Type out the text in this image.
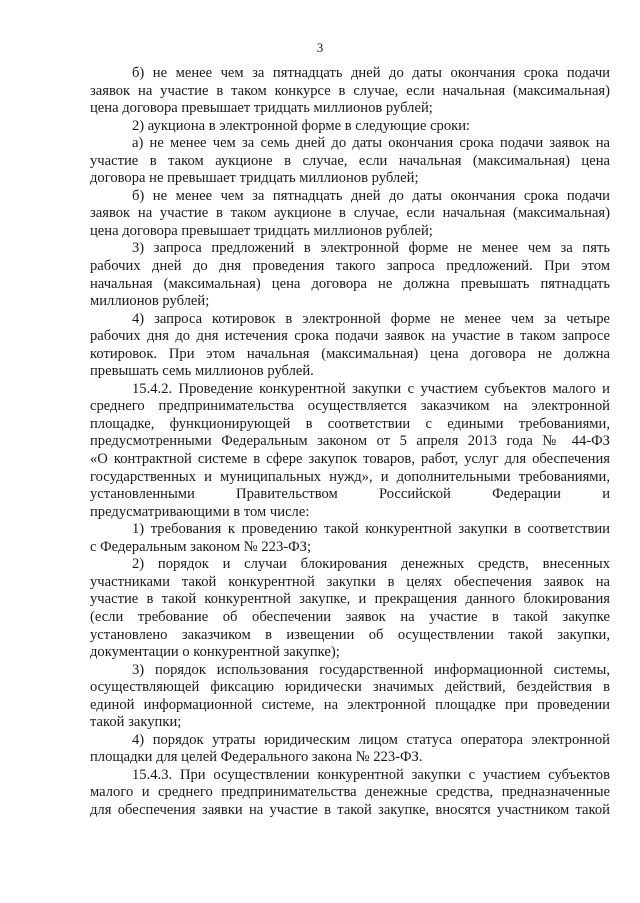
3
б) не менее чем за пятнадцать дней до даты окончания срока подачи
заявок на участие в таком конкурсе в случае, если начальная (максимальная)
цена договора превышает тридцать миллионов рублей;
2) аукциона в электронной форме в следующие сроки:
а) не менее чем за семь дней до даты окончания срока подачи заявок на
участие в таком аукционе в случае, если начальная (максимальная) цена
договора не превышает тридцать миллионов рублей;
б) не менее чем за пятнадцать дней до даты окончания срока подачи
заявок на участие в таком аукционе в случае, если начальная (максимальная)
цена договора превышает тридцать миллионов рублей;
3) запроса предложений в электронной форме не менее чем за пять
рабочих дней до дня проведения такого запроса предложений. При этом
начальная (максимальная) цена договора не должна превышать пятнадцать
миллионов рублей;
4) запроса котировок в электронной форме не менее чем за четыре
рабочих дня до дня истечения срока подачи заявок на участие в таком запросе
котировок. При этом начальная (максимальная) цена договора не должна
превышать семь миллионов рублей.
15.4.2. Проведение конкурентной закупки с участием субъектов малого и
среднего предпринимательства осуществляется заказчиком на электронной
площадке, функционирующей в соответствии с едиными требованиями,
предусмотренными Федеральным законом от 5 апреля 2013 года № 44-ФЗ
«О контрактной системе в сфере закупок товаров, работ, услуг для обеспечения
государственных и муниципальных нужд», и дополнительными требованиями,
установленными Правительством Российской Федерации и
предусматривающими в том числе:
1) требования к проведению такой конкурентной закупки в соответствии
с Федеральным законом № 223-ФЗ;
2) порядок и случаи блокирования денежных средств, внесенных
участниками такой конкурентной закупки в целях обеспечения заявок на
участие в такой конкурентной закупке, и прекращения данного блокирования
(если требование об обеспечении заявок на участие в такой закупке
установлено заказчиком в извещении об осуществлении такой закупки,
документации о конкурентной закупке);
3) порядок использования государственной информационной системы,
осуществляющей фиксацию юридически значимых действий, бездействия в
единой информационной системе, на электронной площадке при проведении
такой закупки;
4) порядок утраты юридическим лицом статуса оператора электронной
площадки для целей Федерального закона № 223-ФЗ.
15.4.3. При осуществлении конкурентной закупки с участием субъектов
малого и среднего предпринимательства денежные средства, предназначенные
для обеспечения заявки на участие в такой закупке, вносятся участником такой
